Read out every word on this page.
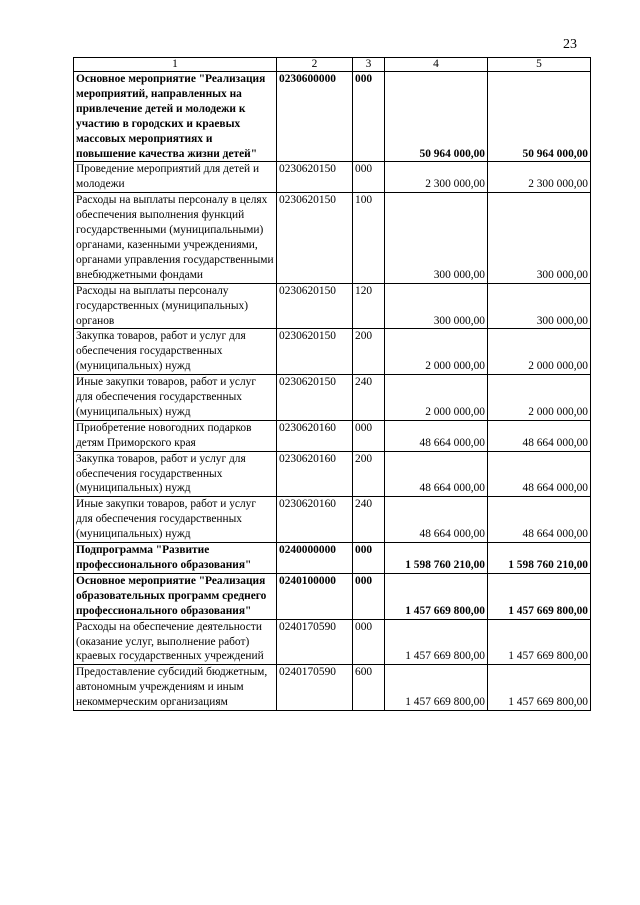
23
1	2	3	4	5
Основное мероприятие "Реализация мероприятий, направленных на привлечение детей и молодежи к участию в городских и краевых массовых мероприятиях и повышение качества жизни детей"	0230600000	000	50 964 000,00	50 964 000,00
Проведение мероприятий для детей и молодежи	0230620150	000	2 300 000,00	2 300 000,00
Расходы на выплаты персоналу в целях обеспечения выполнения функций государственными (муниципальными) органами, казенными учреждениями, органами управления государственными внебюджетными фондами	0230620150	100	300 000,00	300 000,00
Расходы на выплаты персоналу государственных (муниципальных) органов	0230620150	120	300 000,00	300 000,00
Закупка товаров, работ и услуг для обеспечения государственных (муниципальных) нужд	0230620150	200	2 000 000,00	2 000 000,00
Иные закупки товаров, работ и услуг для обеспечения государственных (муниципальных) нужд	0230620150	240	2 000 000,00	2 000 000,00
Приобретение новогодних подарков детям Приморского края	0230620160	000	48 664 000,00	48 664 000,00
Закупка товаров, работ и услуг для обеспечения государственных (муниципальных) нужд	0230620160	200	48 664 000,00	48 664 000,00
Иные закупки товаров, работ и услуг для обеспечения государственных (муниципальных) нужд	0230620160	240	48 664 000,00	48 664 000,00
Подпрограмма "Развитие профессионального образования"	0240000000	000	1 598 760 210,00	1 598 760 210,00
Основное мероприятие "Реализация образовательных программ среднего профессионального образования"	0240100000	000	1 457 669 800,00	1 457 669 800,00
Расходы на обеспечение деятельности (оказание услуг, выполнение работ) краевых государственных учреждений	0240170590	000	1 457 669 800,00	1 457 669 800,00
Предоставление субсидий бюджетным, автономным учреждениям и иным некоммерческим организациям	0240170590	600	1 457 669 800,00	1 457 669 800,00
